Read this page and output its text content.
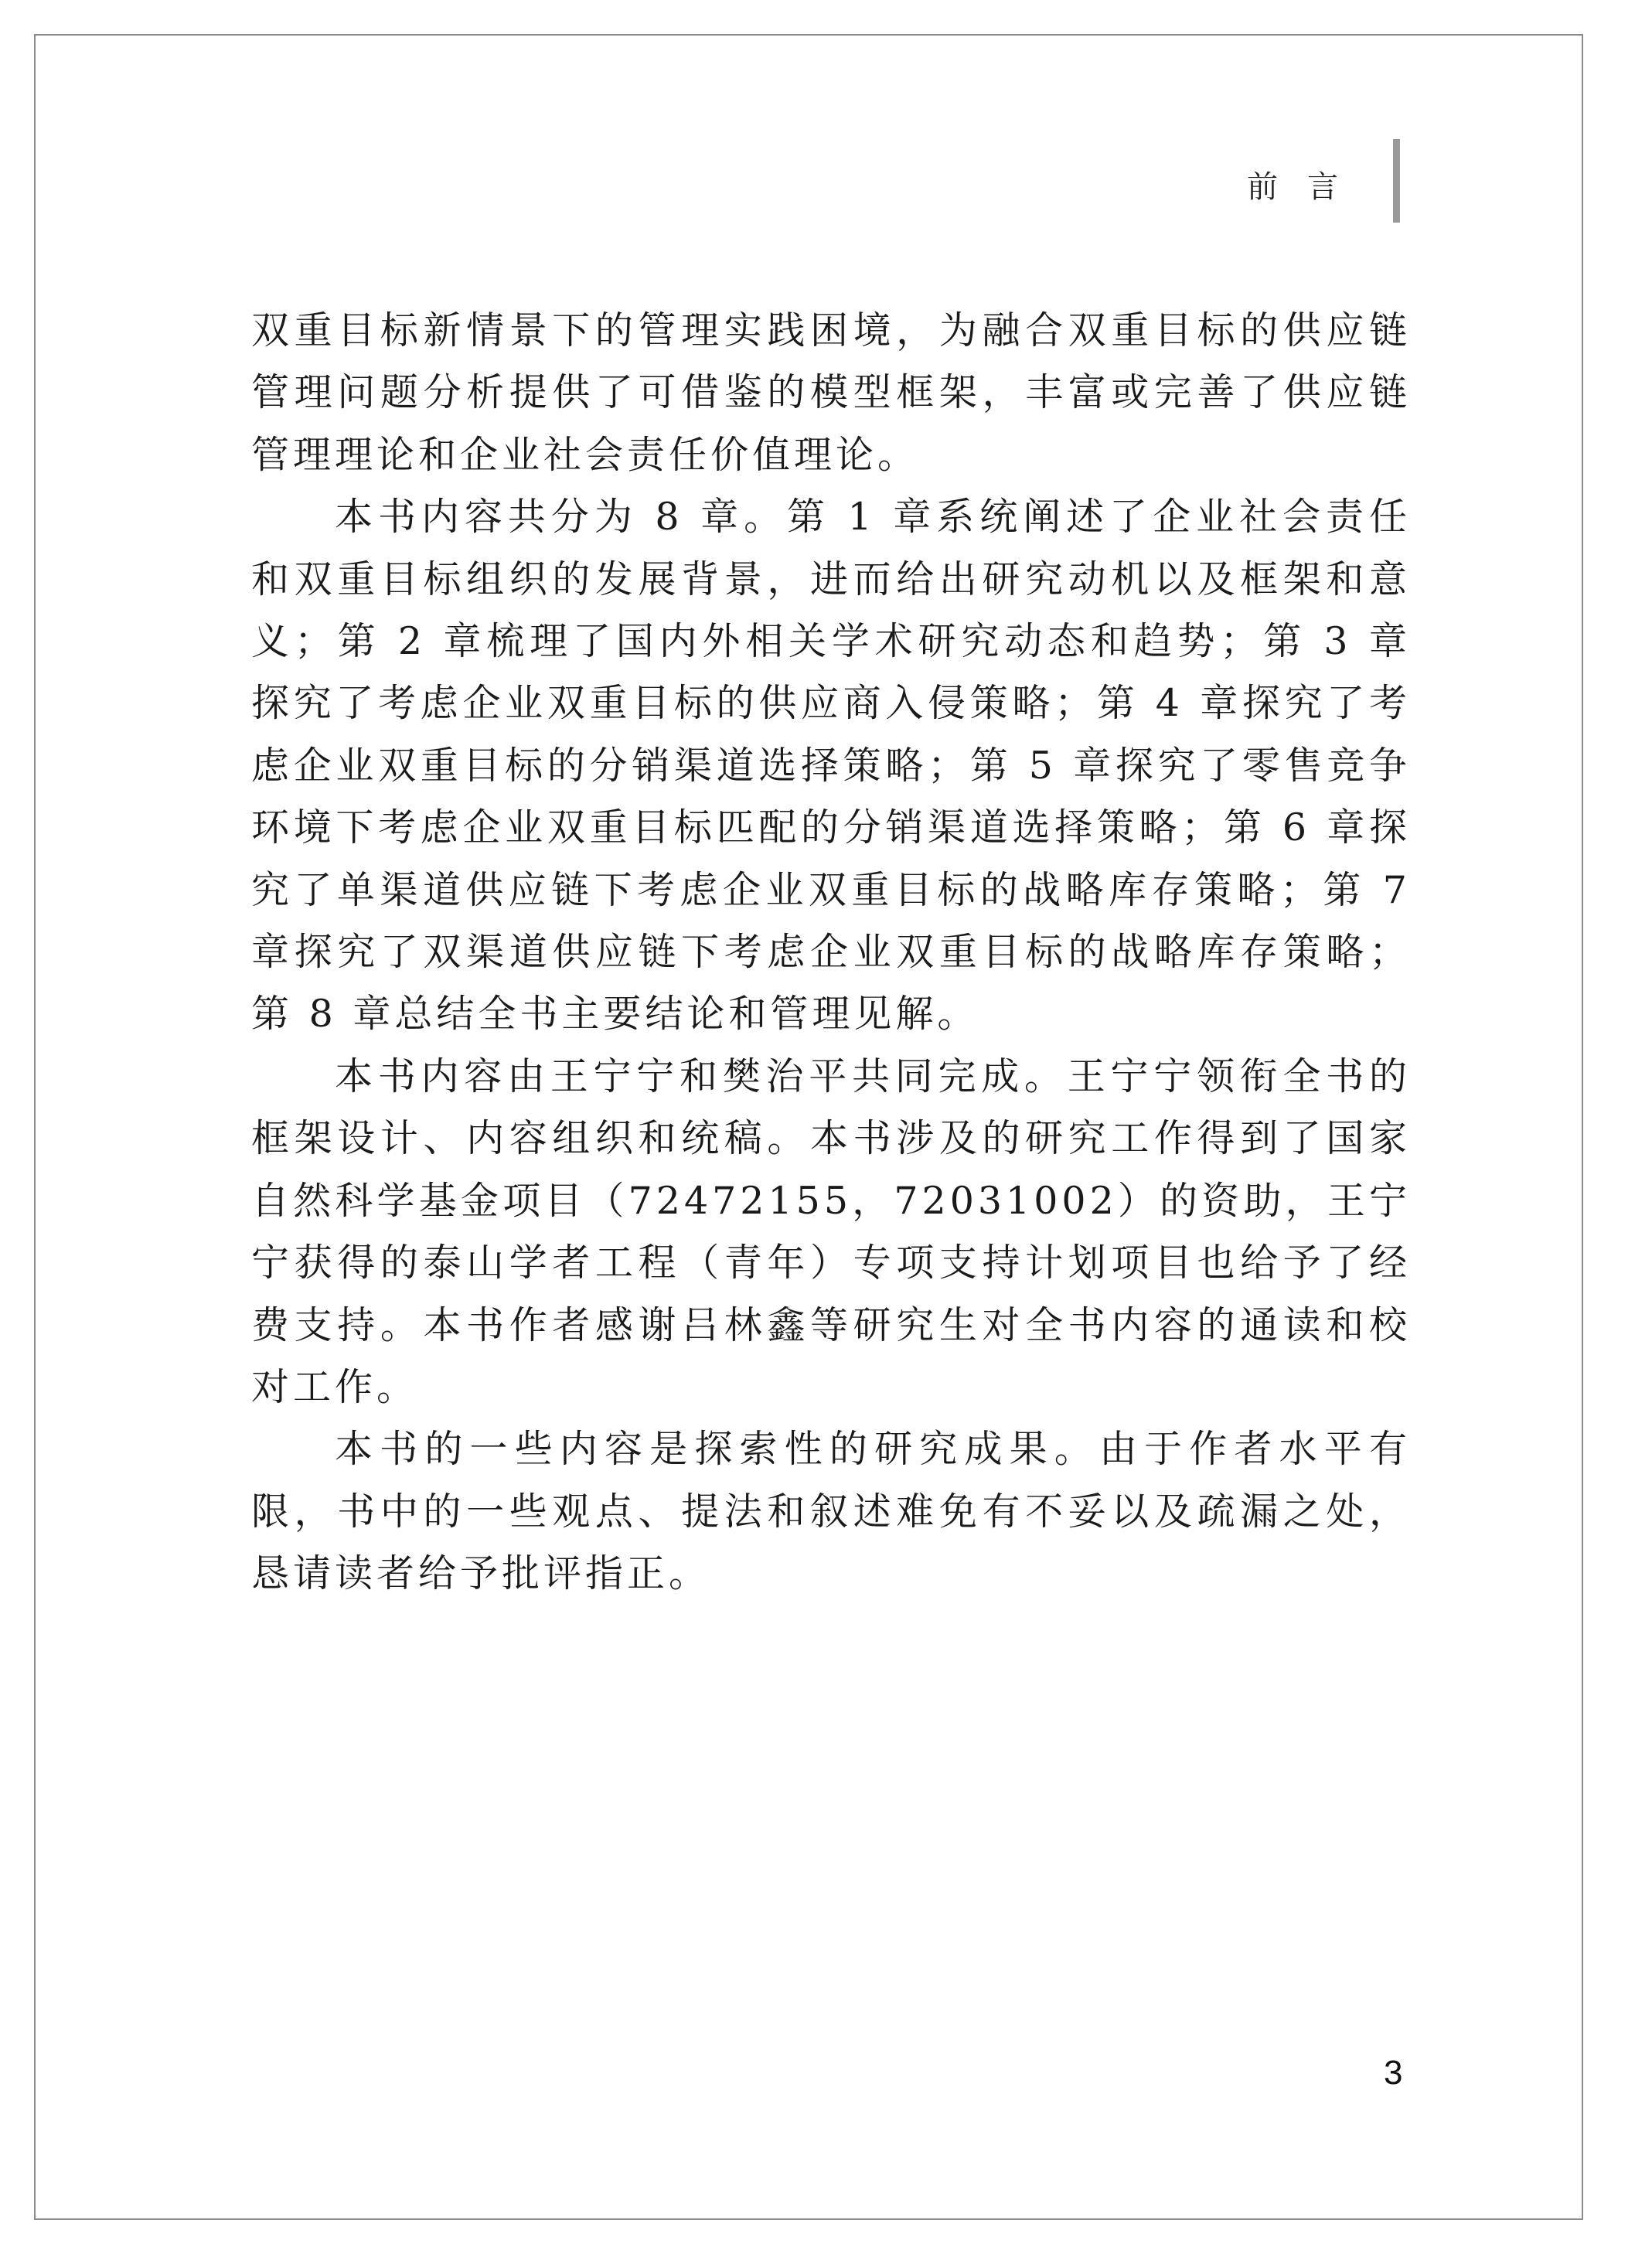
前言

双重目标新情景下的管理实践困境，为融合双重目标的供应链管理问题分析提供了可借鉴的模型框架，丰富或完善了供应链管理理论和企业社会责任价值理论。

本书内容共分为 8 章。第 1 章系统阐述了企业社会责任和双重目标组织的发展背景，进而给出研究动机以及框架和意义；第 2 章梳理了国内外相关学术研究动态和趋势；第 3 章探究了考虑企业双重目标的供应商入侵策略；第 4 章探究了考虑企业双重目标的分销渠道选择策略；第 5 章探究了零售竞争环境下考虑企业双重目标匹配的分销渠道选择策略；第 6 章探究了单渠道供应链下考虑企业双重目标的战略库存策略；第 7 章探究了双渠道供应链下考虑企业双重目标的战略库存策略；第 8 章总结全书主要结论和管理见解。

本书内容由王宁宁和樊治平共同完成。王宁宁领衔全书的框架设计、内容组织和统稿。本书涉及的研究工作得到了国家自然科学基金项目（72472155，72031002）的资助，王宁宁获得的泰山学者工程（青年）专项支持计划项目也给予了经费支持。本书作者感谢吕林鑫等研究生对全书内容的通读和校对工作。

本书的一些内容是探索性的研究成果。由于作者水平有限，书中的一些观点、提法和叙述难免有不妥以及疏漏之处，恳请读者给予批评指正。

3
